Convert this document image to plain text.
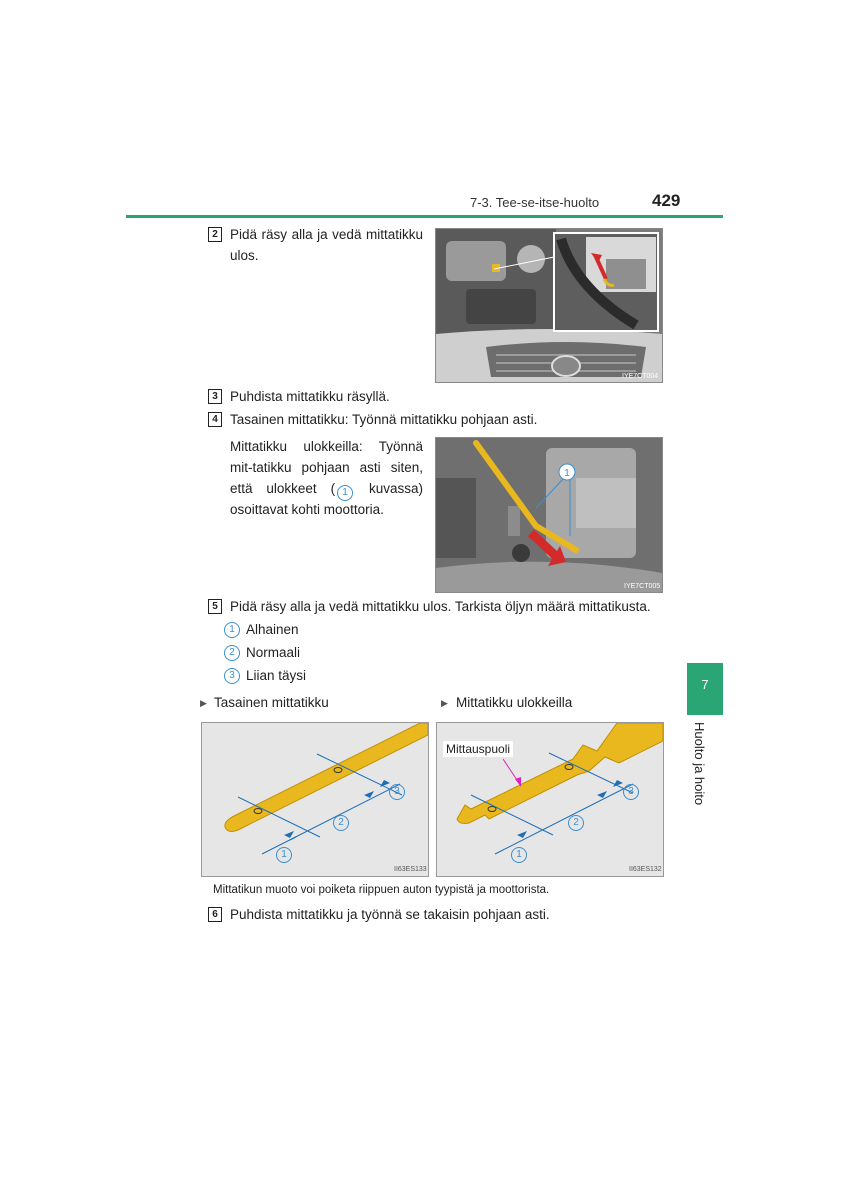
7-3. Tee-se-itse-huolto	429
7
Huolto ja hoito
2 Pidä räsy alla ja vedä mittatikku ulos.
IYE7CT004
3 Puhdista mittatikku räsyllä.
4 Tasainen mittatikku: Työnnä mittatikku pohjaan asti.
Mittatikku ulokkeilla: Työnnä mit-tatikku pohjaan asti siten, että ulokkeet ( 1 kuvassa) osoittavat kohti moottoria.
1
IYE7CT005
5 Pidä räsy alla ja vedä mittatikku ulos. Tarkista öljyn määrä mittatikusta.
1 Alhainen
2 Normaali
3 Liian täysi
▶ Tasainen mittatikku	▶ Mittatikku ulokkeilla
1
2
3
II63ES133
Mittauspuoli
1
2
3
II63ES132
Mittatikun muoto voi poiketa riippuen auton tyypistä ja moottorista.
6 Puhdista mittatikku ja työnnä se takaisin pohjaan asti.
